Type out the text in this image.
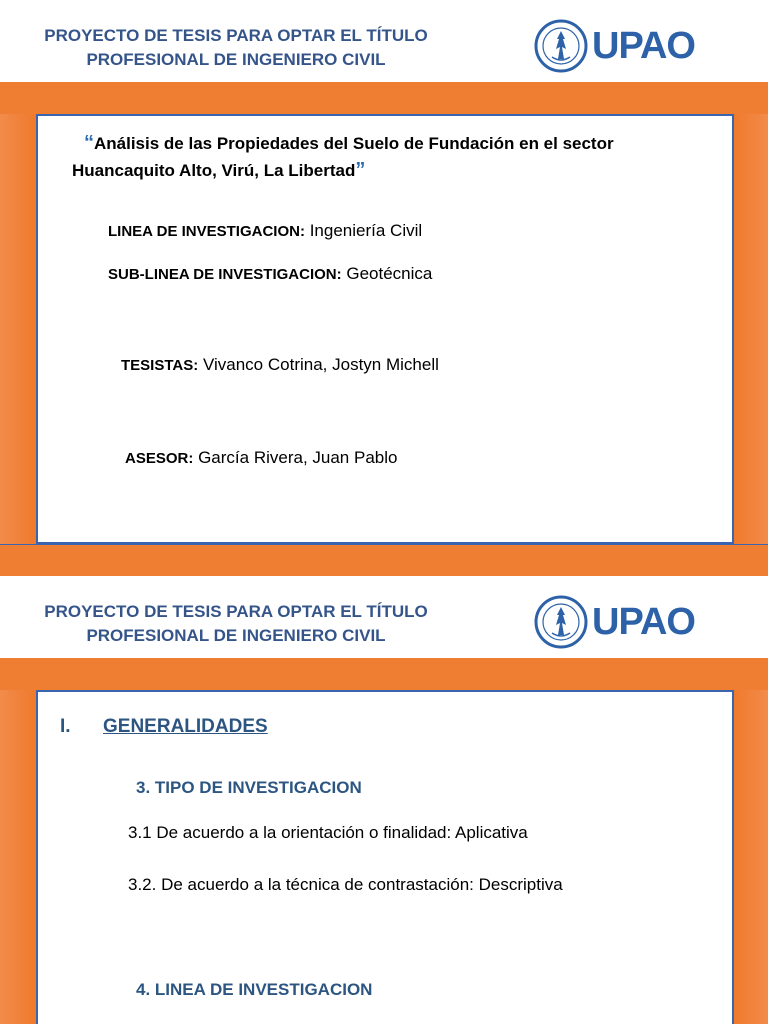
PROYECTO DE TESIS PARA OPTAR EL TÍTULO
PROFESIONAL DE INGENIERO CIVIL	UPAO
“Análisis de las Propiedades del Suelo de Fundación en el sector
Huancaquito Alto, Virú, La Libertad”
LINEA DE INVESTIGACION: Ingeniería Civil
SUB-LINEA DE INVESTIGACION: Geotécnica
TESISTAS: Vivanco Cotrina, Jostyn Michell
ASESOR: García Rivera, Juan Pablo
PROYECTO DE TESIS PARA OPTAR EL TÍTULO
PROFESIONAL DE INGENIERO CIVIL	UPAO
I. GENERALIDADES
3. TIPO DE INVESTIGACION
3.1 De acuerdo a la orientación o finalidad: Aplicativa
3.2. De acuerdo a la técnica de contrastación: Descriptiva
4. LINEA DE INVESTIGACION
